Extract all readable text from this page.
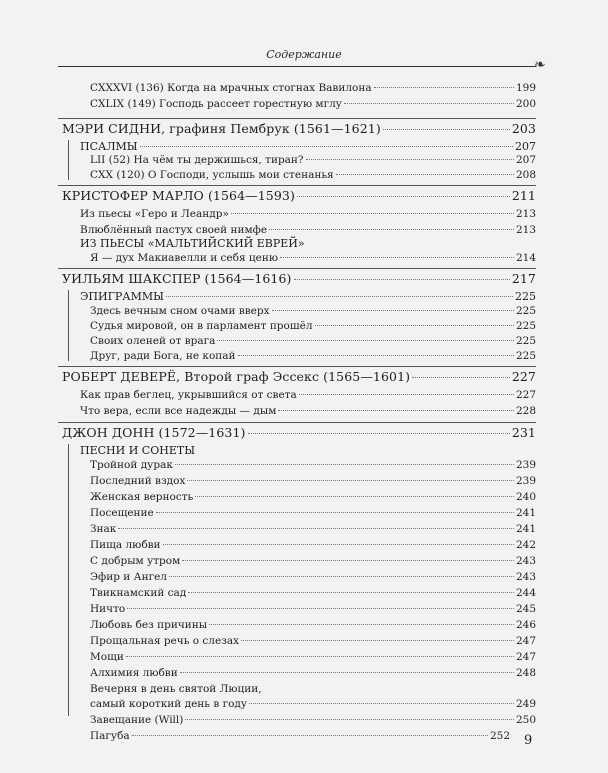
Содержание
❧
CXXXVI (136) Когда на мрачных стогнах Вавилона	199
CXLIX (149) Господь рассеет горестную мглу	200
МЭРИ СИДНИ, графиня Пембрук (1561—1621)	203
ПСАЛМЫ	207
LII (52) На чём ты держишься, тиран?	207
CXX (120) О Господи, услышь мои стенанья	208
КРИСТОФЕР МАРЛО (1564—1593)	211
Из пьесы «Геро и Леандр»	213
Влюблённый пастух своей нимфе	213
ИЗ ПЬЕСЫ «МАЛЬТИЙСКИЙ ЕВРЕЙ»
Я — дух Макиавелли и себя ценю	214
УИЛЬЯМ ШАКСПЕР (1564—1616)	217
ЭПИГРАММЫ	225
Здесь вечным сном очами вверх	225
Судья мировой, он в парламент прошёл	225
Своих оленей от врага	225
Друг, ради Бога, не копай	225
РОБЕРТ ДЕВЕРЁ, Второй граф Эссекс (1565—1601)	227
Как прав беглец, укрывшийся от света	227
Что вера, если все надежды — дым	228
ДЖОН ДОНН (1572—1631)	231
ПЕСНИ И СОНЕТЫ
Тройной дурак	239
Последний вздох	239
Женская верность	240
Посещение	241
Знак	241
Пища любви	242
С добрым утром	243
Эфир и Ангел	243
Твикнамский сад	244
Ничто	245
Любовь без причины	246
Прощальная речь о слезах	247
Мощи	247
Алхимия любви	248
Вечерня в день святой Люции,
самый короткий день в году	249
Завещание (Will)	250
Пагуба	252 9
